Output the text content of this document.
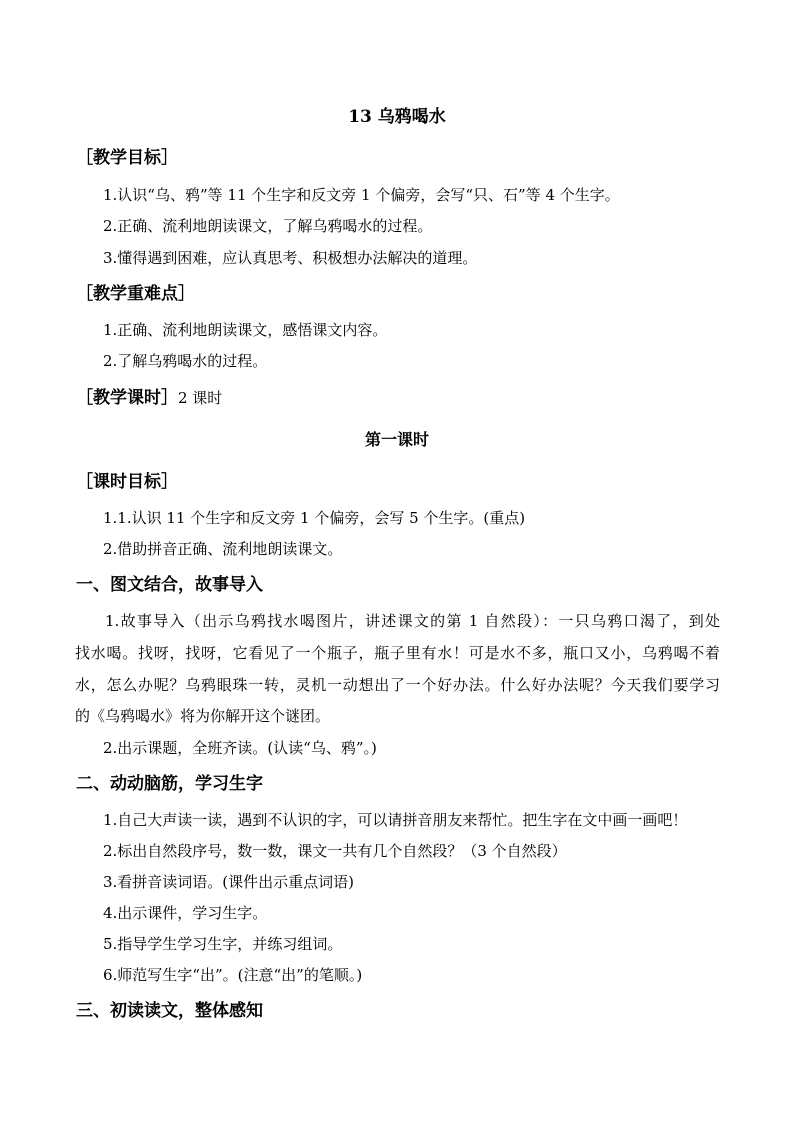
13 乌鸦喝水
［教学目标］
1.认识“乌、鸦”等 11 个生字和反文旁 1 个偏旁，会写“只、石”等 4 个生字。
2.正确、流利地朗读课文，了解乌鸦喝水的过程。
3.懂得遇到困难，应认真思考、积极想办法解决的道理。
［教学重难点］
1.正确、流利地朗读课文，感悟课文内容。
2.了解乌鸦喝水的过程。
［教学课时］2 课时
第一课时
［课时目标］
1.1.认识 11 个生字和反文旁 1 个偏旁，会写 5 个生字。(重点)
2.借助拼音正确、流利地朗读课文。
一、图文结合，故事导入
1.故事导入（出示乌鸦找水喝图片，讲述课文的第 1 自然段）：一只乌鸦口渴了，到处
找水喝。找呀，找呀，它看见了一个瓶子，瓶子里有水！可是水不多，瓶口又小，乌鸦喝不着
水，怎么办呢？乌鸦眼珠一转，灵机一动想出了一个好办法。什么好办法呢？今天我们要学习
的《乌鸦喝水》将为你解开这个谜团。
2.出示课题，全班齐读。(认读“乌、鸦”。)
二、动动脑筋，学习生字
1.自己大声读一读，遇到不认识的字，可以请拼音朋友来帮忙。把生字在文中画一画吧！
2.标出自然段序号，数一数，课文一共有几个自然段？（3 个自然段）
3.看拼音读词语。(课件出示重点词语)
4.出示课件，学习生字。
5.指导学生学习生字，并练习组词。
6.师范写生字“出”。(注意“出”的笔顺。)
三、初读读文，整体感知
